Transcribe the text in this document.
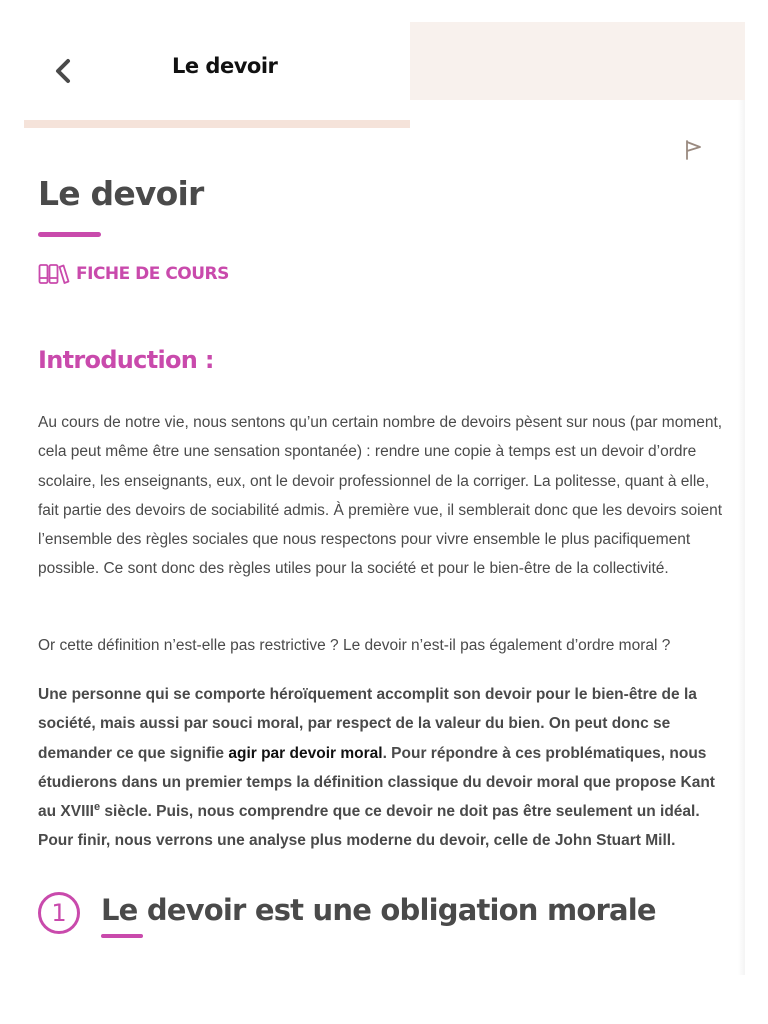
Le devoir
Le devoir
FICHE DE COURS
Introduction :

Au cours de notre vie, nous sentons qu’un certain nombre de devoirs pèsent sur nous (par moment, cela peut même être une sensation spontanée) : rendre une copie à temps est un devoir d’ordre scolaire, les enseignants, eux, ont le devoir professionnel de la corriger. La politesse, quant à elle, fait partie des devoirs de sociabilité admis. À première vue, il semblerait donc que les devoirs soient l’ensemble des règles sociales que nous respectons pour vivre ensemble le plus pacifiquement possible. Ce sont donc des règles utiles pour la société et pour le bien-être de la collectivité.

Or cette définition n’est-elle pas restrictive ? Le devoir n’est-il pas également d’ordre moral ?

Une personne qui se comporte héroïquement accomplit son devoir pour le bien-être de la société, mais aussi par souci moral, par respect de la valeur du bien. On peut donc se demander ce que signifie agir par devoir moral. Pour répondre à ces problématiques, nous étudierons dans un premier temps la définition classique du devoir moral que propose Kant au XVIIIe siècle. Puis, nous comprendre que ce devoir ne doit pas être seulement un idéal. Pour finir, nous verrons une analyse plus moderne du devoir, celle de John Stuart Mill.

1	Le devoir est une obligation morale
